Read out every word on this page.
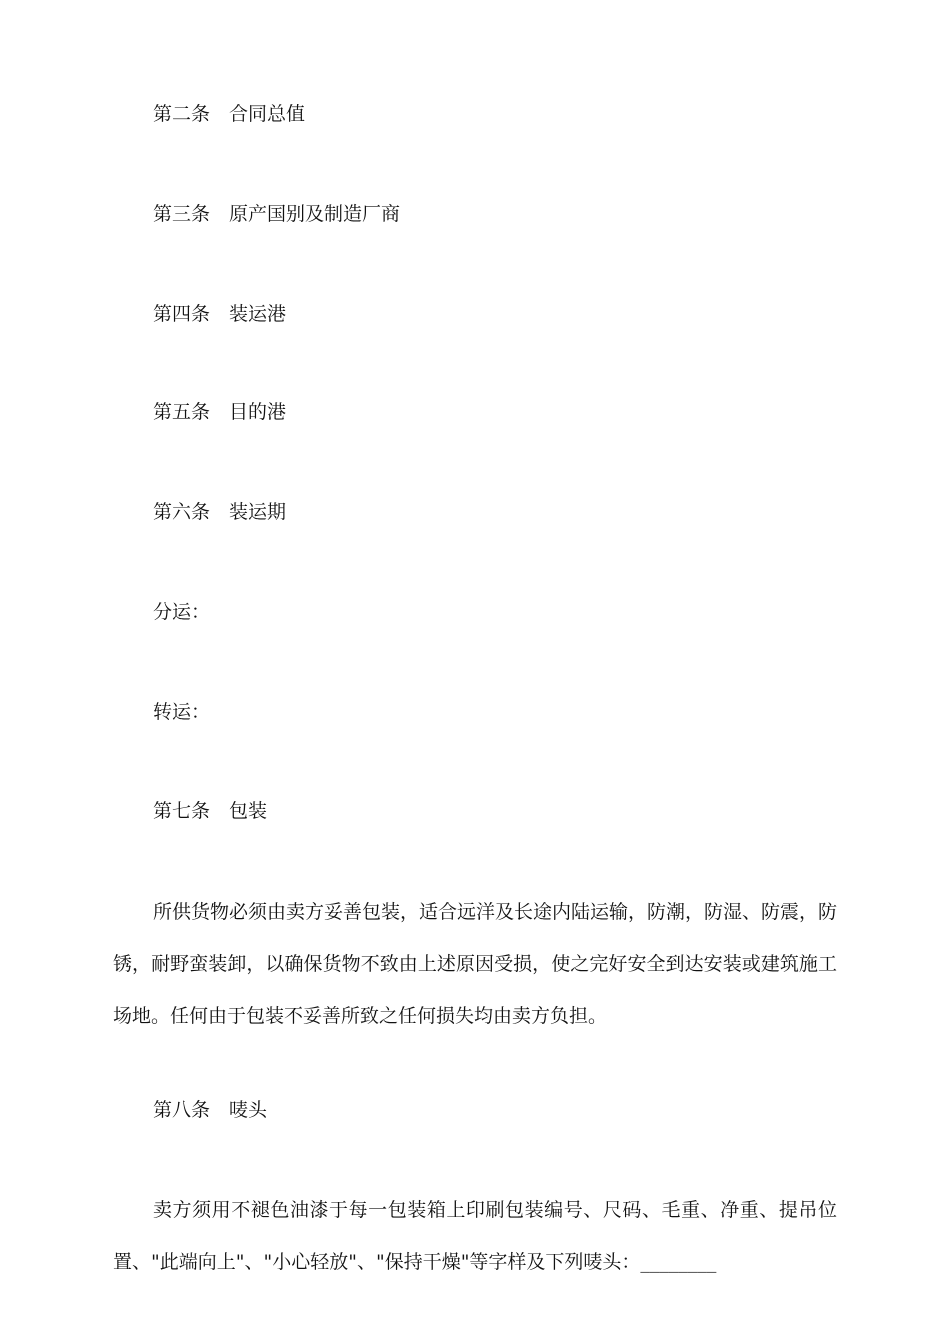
第二条 合同总值

第三条 原产国别及制造厂商

第四条 装运港

第五条 目的港

第六条 装运期

分运：

转运：

第七条 包装

所供货物必须由卖方妥善包装，适合远洋及长途内陆运输，防潮，防湿、防震，防锈，耐野蛮装卸，以确保货物不致由上述原因受损，使之完好安全到达安装或建筑施工场地。任何由于包装不妥善所致之任何损失均由卖方负担。

第八条 唛头

卖方须用不褪色油漆于每一包装箱上印刷包装编号、尺码、毛重、净重、提吊位置、"此端向上"、"小心轻放"、"保持干燥"等字样及下列唛头：________
